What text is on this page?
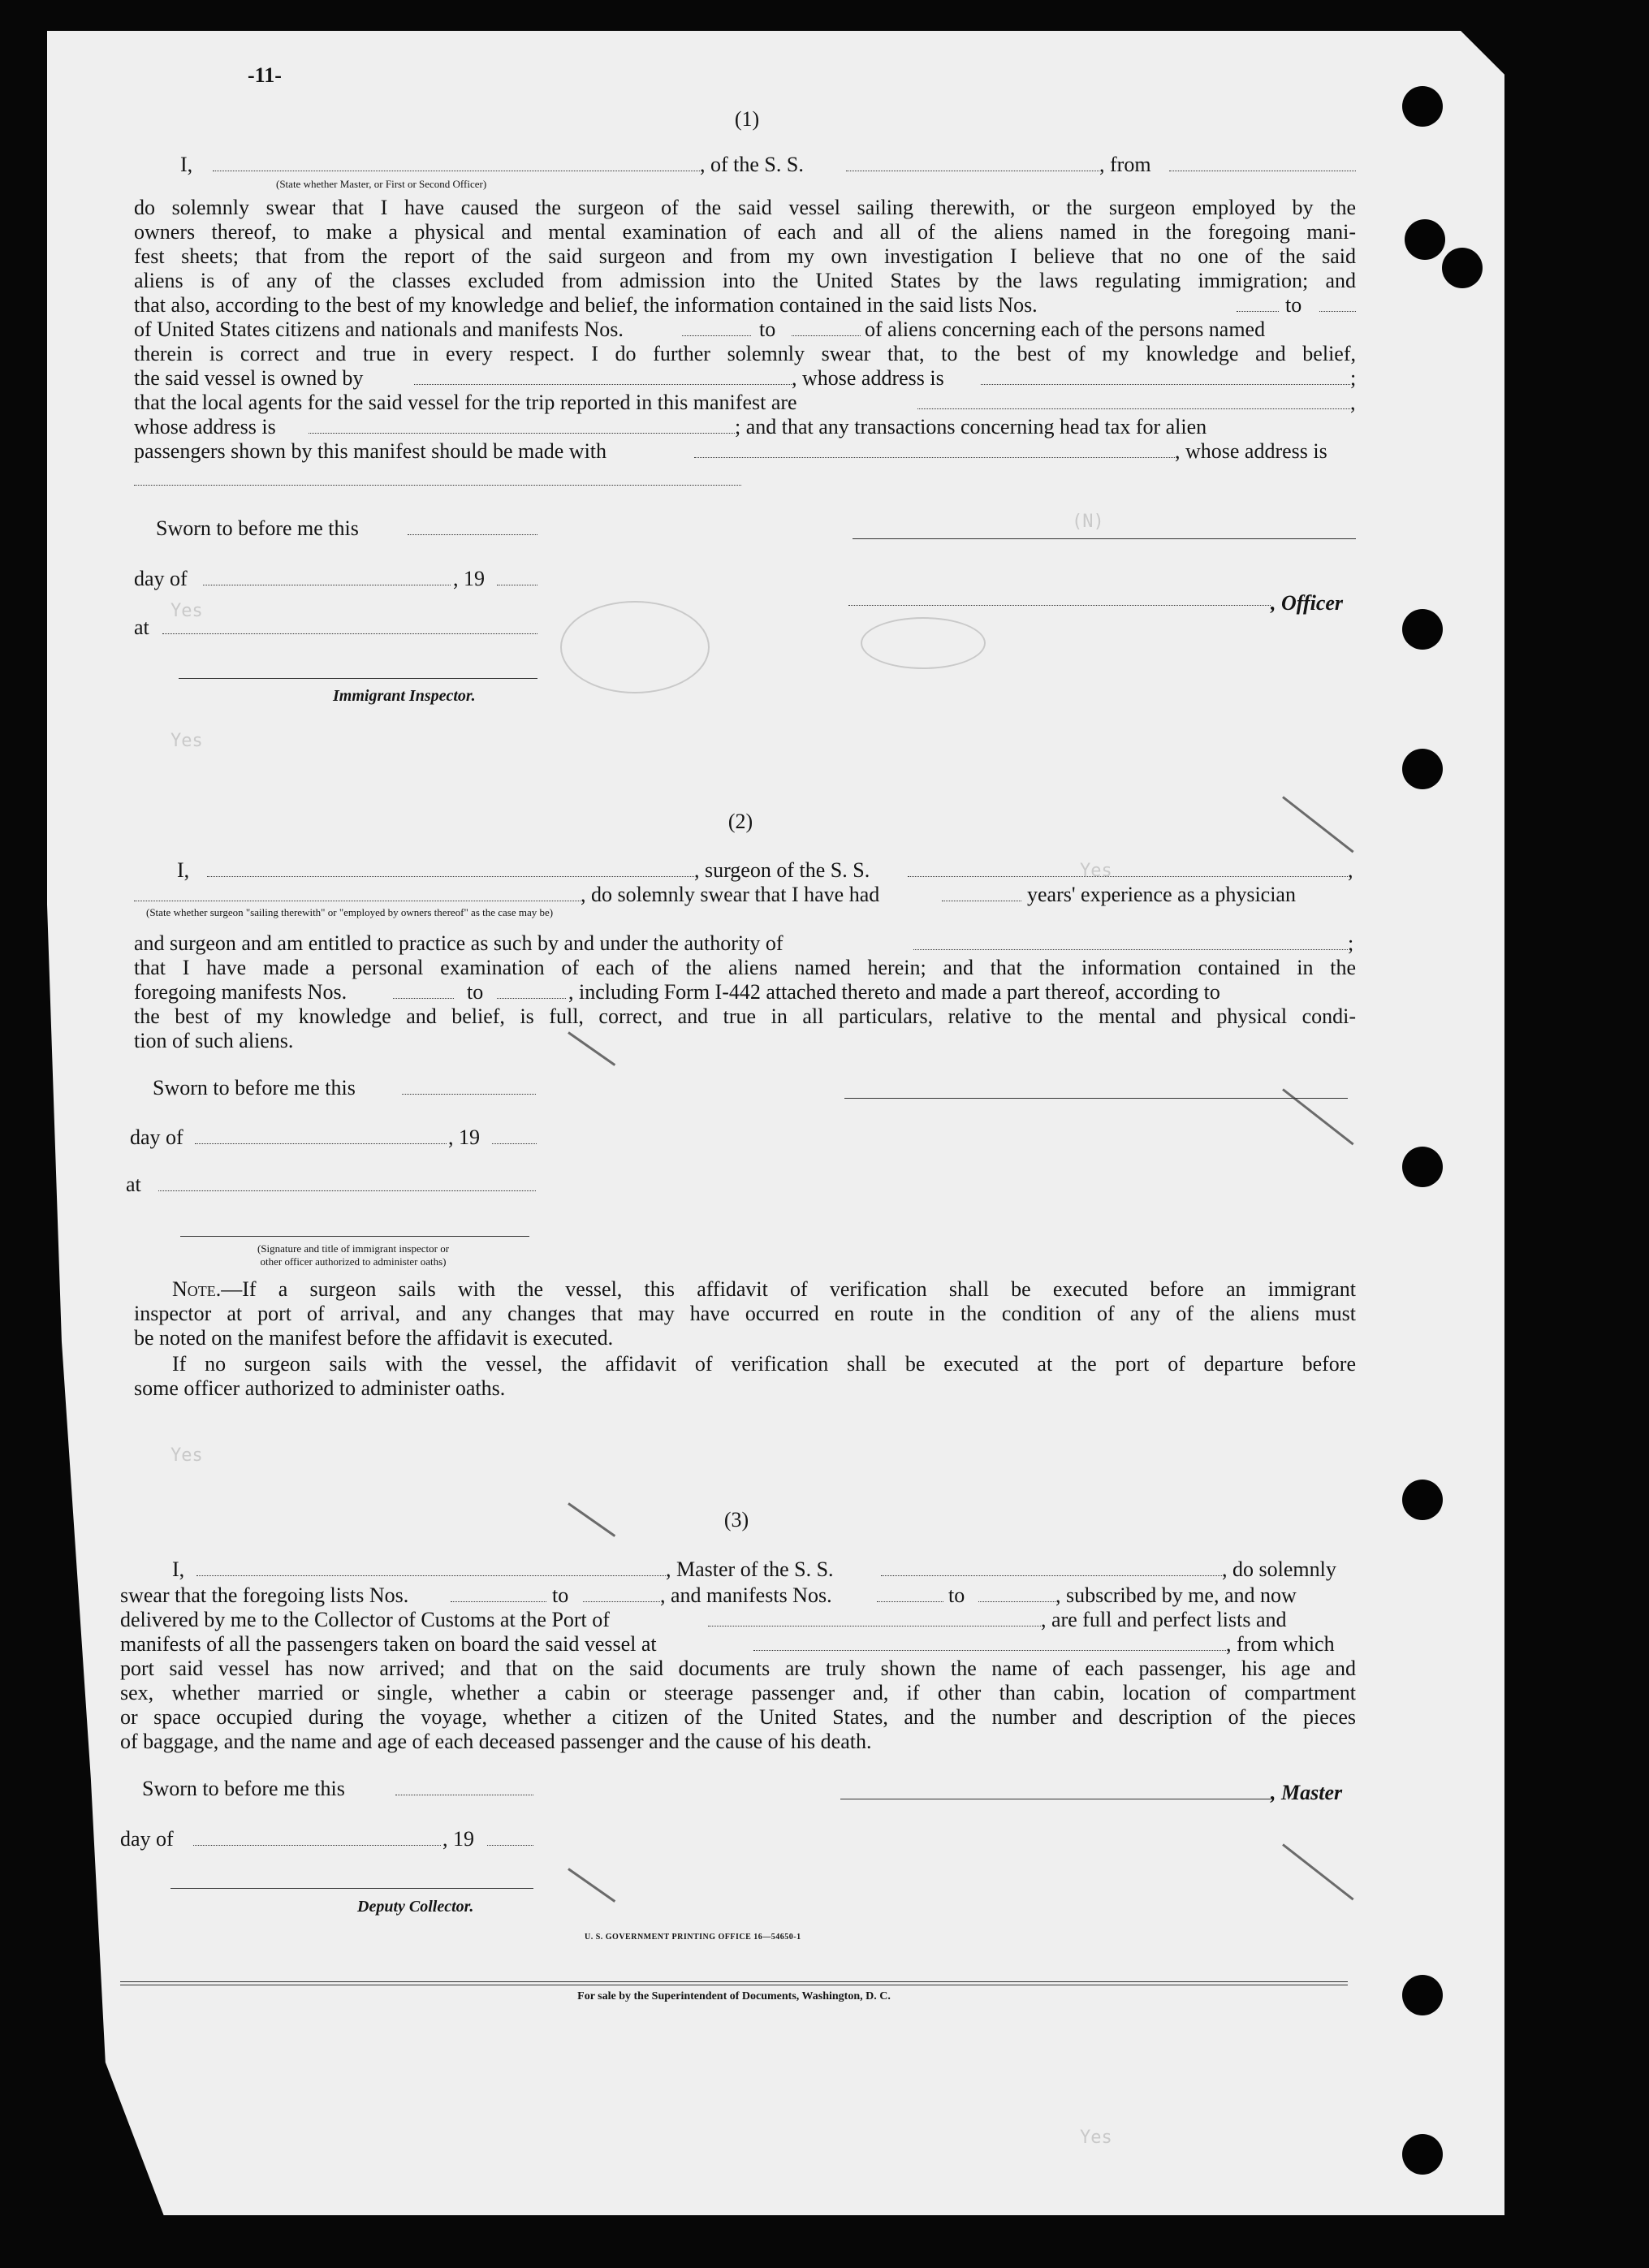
(N)
Yes
Yes
Yes
Yes
Yes
-11-
(1)
I,	, of the S. S.	, from
(State whether Master, or First or Second Officer)
do solemnly swear that I have caused the surgeon of the said vessel sailing therewith, or the surgeon employed by the
owners thereof, to make a physical and mental examination of each and all of the aliens named in the foregoing mani-
fest sheets; that from the report of the said surgeon and from my own investigation I believe that no one of the said
aliens is of any of the classes excluded from admission into the United States by the laws regulating immigration; and
that also, according to the best of my knowledge and belief, the information contained in the said lists Nos.	to
of United States citizens and nationals and manifests Nos.	to	of aliens concerning each of the persons named
therein is correct and true in every respect. I do further solemnly swear that, to the best of my knowledge and belief,
the said vessel is owned by	, whose address is	;
that the local agents for the said vessel for the trip reported in this manifest are	,
whose address is	; and that any transactions concerning head tax for alien
passengers shown by this manifest should be made with	, whose address is
Sworn to before me this
day of	, 19
, Officer
at
Immigrant Inspector.
(2)
I,	, surgeon of the S. S.	,
, do solemnly swear that I have had	years' experience as a physician
(State whether surgeon "sailing therewith" or "employed by owners thereof" as the case may be)
and surgeon and am entitled to practice as such by and under the authority of	;
that I have made a personal examination of each of the aliens named herein; and that the information contained in the
foregoing manifests Nos.	to	, including Form I-442 attached thereto and made a part thereof, according to
the best of my knowledge and belief, is full, correct, and true in all particulars, relative to the mental and physical condi-
tion of such aliens.
Sworn to before me this
day of	, 19
at
(Signature and title of immigrant inspector or
other officer authorized to administer oaths)
Note.—If a surgeon sails with the vessel, this affidavit of verification shall be executed before an immigrant
inspector at port of arrival, and any changes that may have occurred en route in the condition of any of the aliens must
be noted on the manifest before the affidavit is executed.
If no surgeon sails with the vessel, the affidavit of verification shall be executed at the port of departure before
some officer authorized to administer oaths.
(3)
I,	, Master of the S. S.	, do solemnly
swear that the foregoing lists Nos.	to	, and manifests Nos.	to	, subscribed by me, and now
delivered by me to the Collector of Customs at the Port of	, are full and perfect lists and
manifests of all the passengers taken on board the said vessel at	, from which
port said vessel has now arrived; and that on the said documents are truly shown the name of each passenger, his age and
sex, whether married or single, whether a cabin or steerage passenger and, if other than cabin, location of compartment
or space occupied during the voyage, whether a citizen of the United States, and the number and description of the pieces
of baggage, and the name and age of each deceased passenger and the cause of his death.
Sworn to before me this	, Master
day of	, 19
Deputy Collector.
U. S. GOVERNMENT PRINTING OFFICE 16—54650-1
For sale by the Superintendent of Documents, Washington, D. C.
